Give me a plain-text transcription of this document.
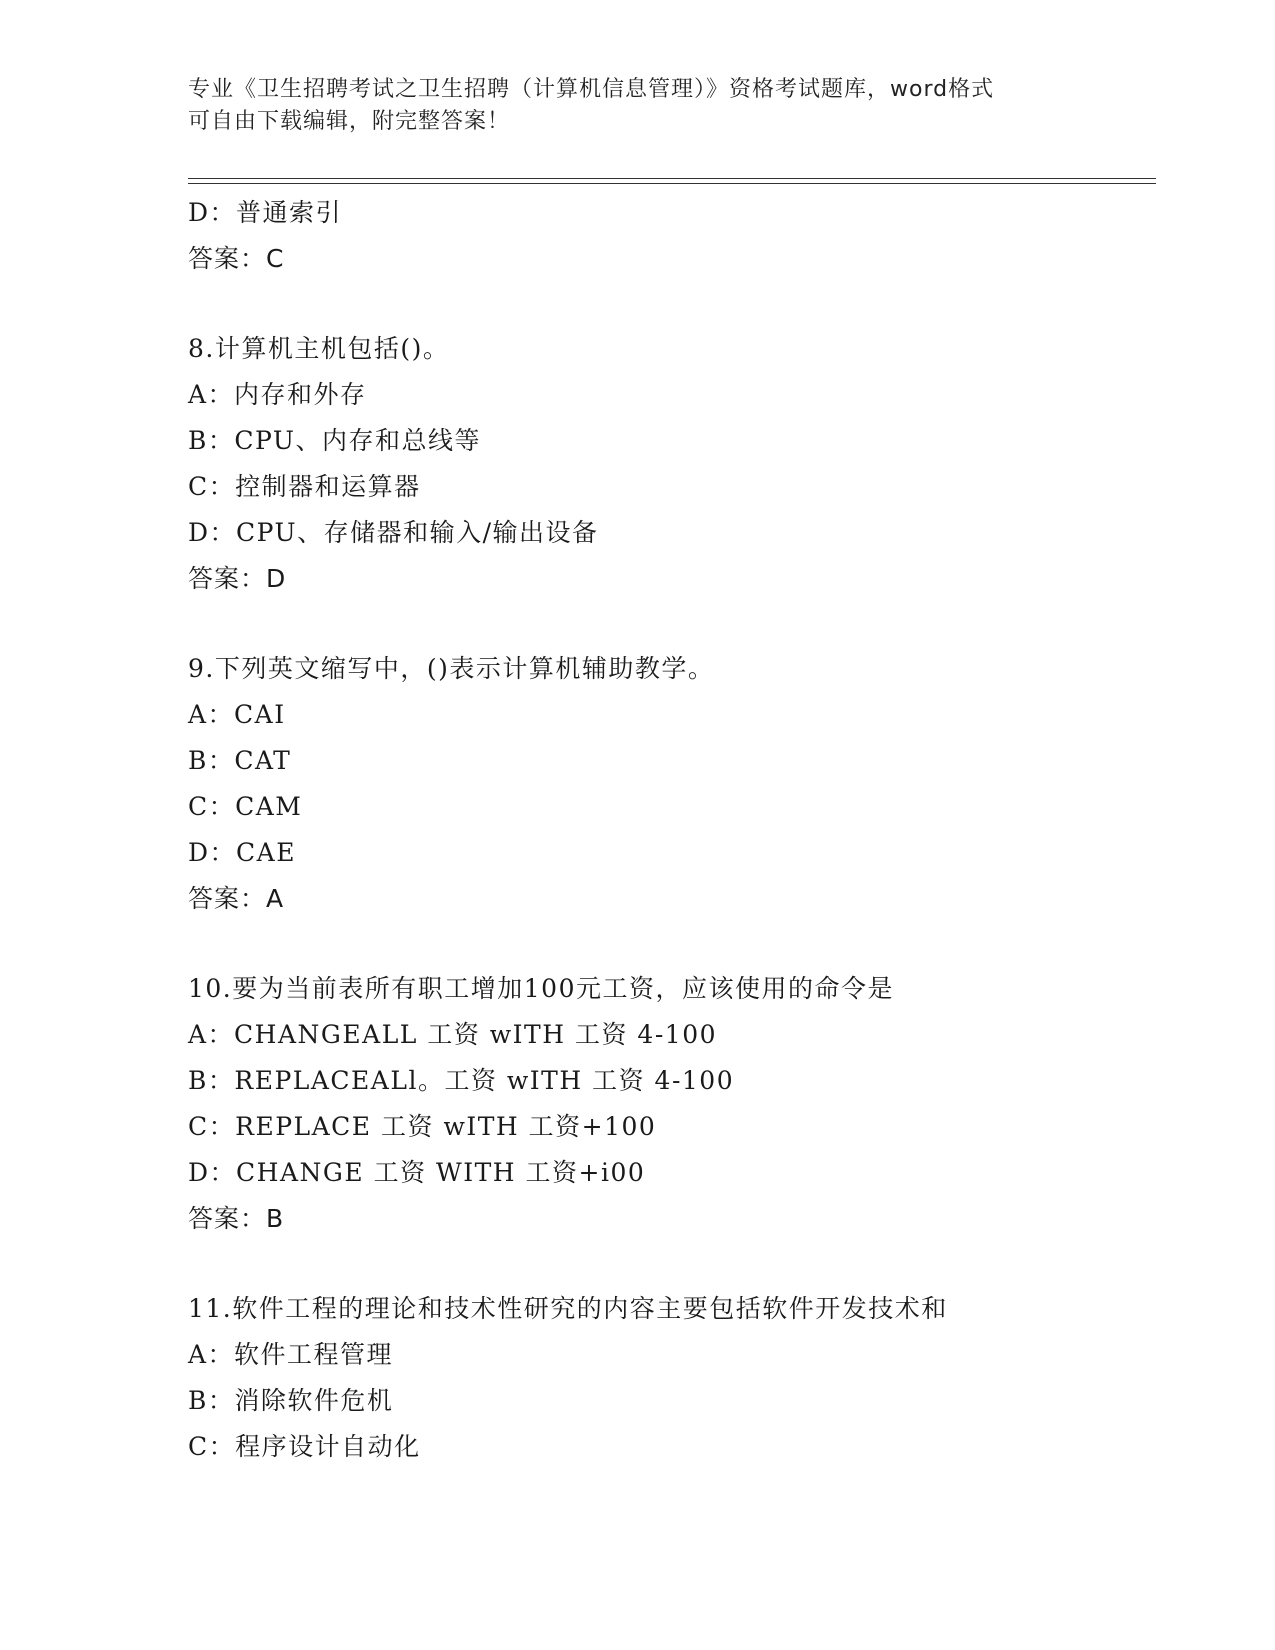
专业《卫生招聘考试之卫生招聘（计算机信息管理）》资格考试题库，word格式
可自由下载编辑，附完整答案！
D：普通索引
答案：C
8.计算机主机包括()。
A：内存和外存
B：CPU、内存和总线等
C：控制器和运算器
D：CPU、存储器和输入/输出设备
答案：D
9.下列英文缩写中，()表示计算机辅助教学。
A：CAI
B：CAT
C：CAM
D：CAE
答案：A
10.要为当前表所有职工增加100元工资，应该使用的命令是
A：CHANGEALL 工资 wITH 工资 4-100
B：REPLACEALl。工资 wITH 工资 4-100
C：REPLACE 工资 wITH 工资+100
D：CHANGE 工资 WITH 工资+i00
答案：B
11.软件工程的理论和技术性研究的内容主要包括软件开发技术和
A：软件工程管理
B：消除软件危机
C：程序设计自动化
